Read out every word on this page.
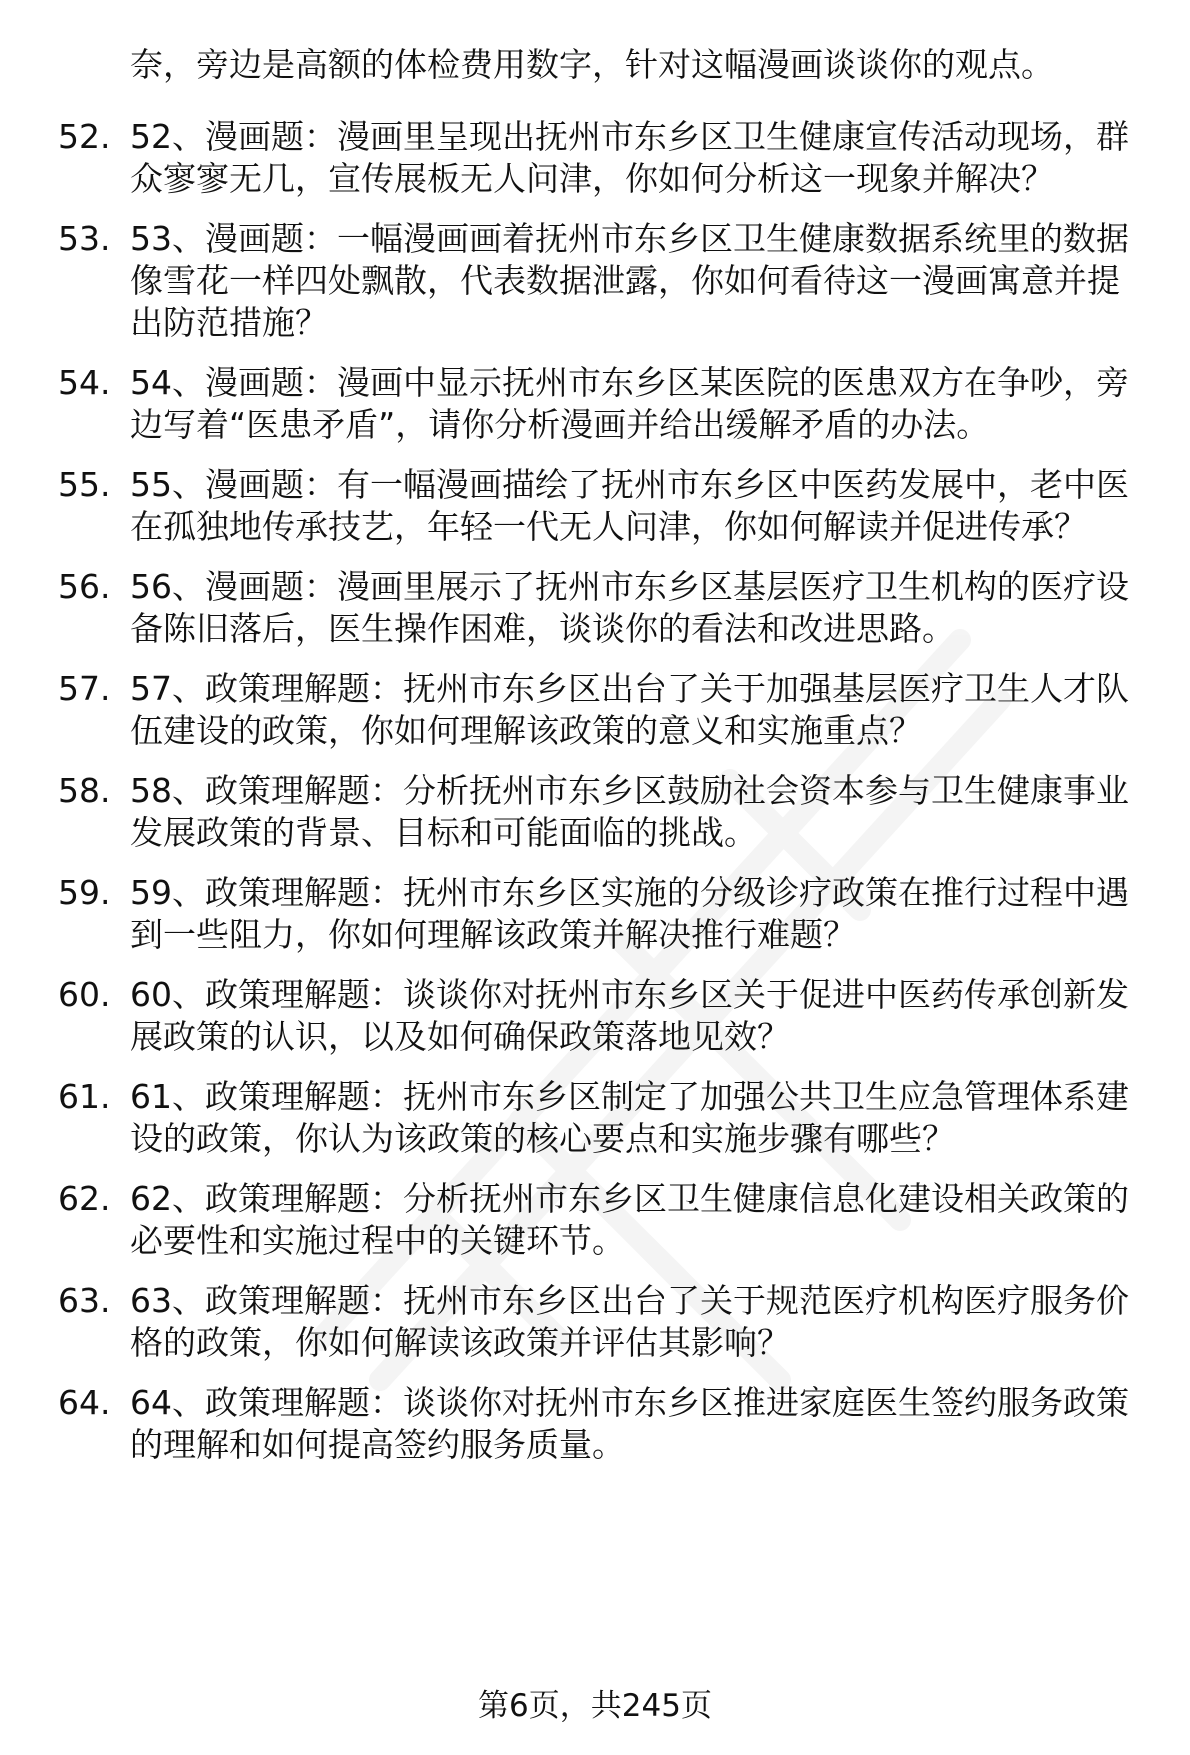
奈，旁边是高额的体检费用数字，针对这幅漫画谈谈你的观点。
52. 52、漫画题：漫画里呈现出抚州市东乡区卫生健康宣传活动现场，群众寥寥无几，宣传展板无人问津，你如何分析这一现象并解决？
53. 53、漫画题：一幅漫画画着抚州市东乡区卫生健康数据系统里的数据像雪花一样四处飘散，代表数据泄露，你如何看待这一漫画寓意并提出防范措施？
54. 54、漫画题：漫画中显示抚州市东乡区某医院的医患双方在争吵，旁边写着“医患矛盾”，请你分析漫画并给出缓解矛盾的办法。
55. 55、漫画题：有一幅漫画描绘了抚州市东乡区中医药发展中，老中医在孤独地传承技艺，年轻一代无人问津，你如何解读并促进传承？
56. 56、漫画题：漫画里展示了抚州市东乡区基层医疗卫生机构的医疗设备陈旧落后，医生操作困难，谈谈你的看法和改进思路。
57. 57、政策理解题：抚州市东乡区出台了关于加强基层医疗卫生人才队伍建设的政策，你如何理解该政策的意义和实施重点？
58. 58、政策理解题：分析抚州市东乡区鼓励社会资本参与卫生健康事业发展政策的背景、目标和可能面临的挑战。
59. 59、政策理解题：抚州市东乡区实施的分级诊疗政策在推行过程中遇到一些阻力，你如何理解该政策并解决推行难题？
60. 60、政策理解题：谈谈你对抚州市东乡区关于促进中医药传承创新发展政策的认识，以及如何确保政策落地见效？
61. 61、政策理解题：抚州市东乡区制定了加强公共卫生应急管理体系建设的政策，你认为该政策的核心要点和实施步骤有哪些？
62. 62、政策理解题：分析抚州市东乡区卫生健康信息化建设相关政策的必要性和实施过程中的关键环节。
63. 63、政策理解题：抚州市东乡区出台了关于规范医疗机构医疗服务价格的政策，你如何解读该政策并评估其影响？
64. 64、政策理解题：谈谈你对抚州市东乡区推进家庭医生签约服务政策的理解和如何提高签约服务质量。
第6页，共245页
